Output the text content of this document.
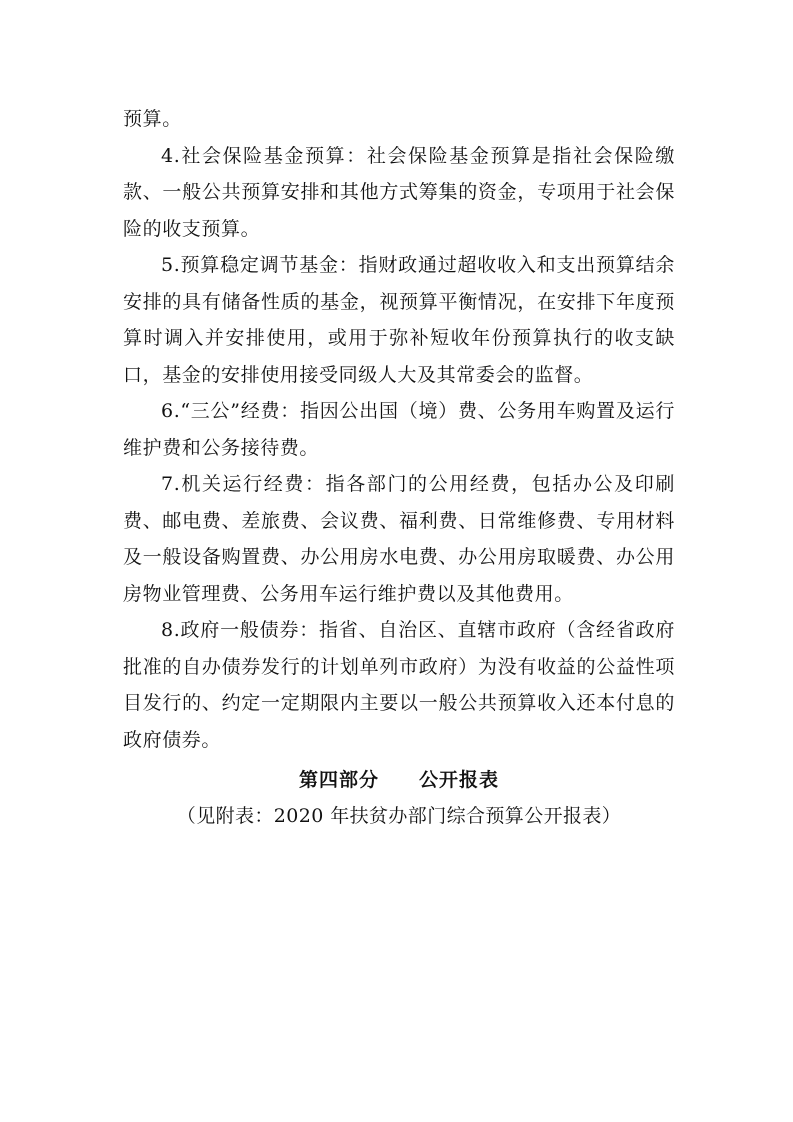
预算。

4.社会保险基金预算：社会保险基金预算是指社会保险缴款、一般公共预算安排和其他方式筹集的资金，专项用于社会保险的收支预算。

5.预算稳定调节基金：指财政通过超收收入和支出预算结余安排的具有储备性质的基金，视预算平衡情况，在安排下年度预算时调入并安排使用，或用于弥补短收年份预算执行的收支缺口，基金的安排使用接受同级人大及其常委会的监督。

6.“三公”经费：指因公出国（境）费、公务用车购置及运行维护费和公务接待费。

7.机关运行经费：指各部门的公用经费，包括办公及印刷费、邮电费、差旅费、会议费、福利费、日常维修费、专用材料及一般设备购置费、办公用房水电费、办公用房取暖费、办公用房物业管理费、公务用车运行维护费以及其他费用。

8.政府一般债券：指省、自治区、直辖市政府（含经省政府批准的自办债券发行的计划单列市政府）为没有收益的公益性项目发行的、约定一定期限内主要以一般公共预算收入还本付息的政府债券。

第四部分　　公开报表
（见附表：2020 年扶贫办部门综合预算公开报表）
